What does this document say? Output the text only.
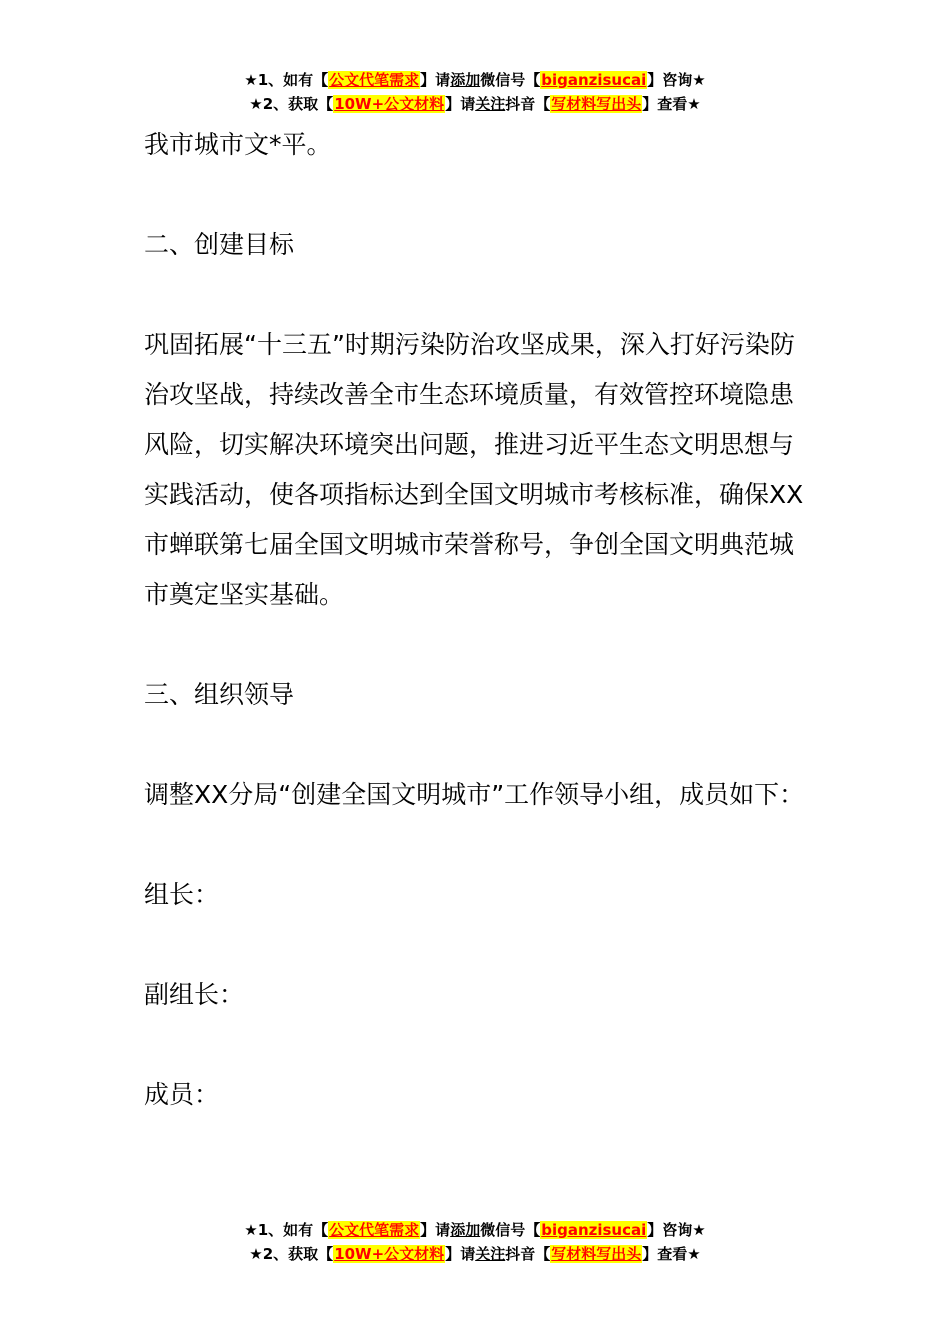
★1、如有【公文代笔需求】请添加微信号【biganzisucai】咨询★
★2、获取【10W+公文材料】请关注抖音【写材料写出头】查看★

我市城市文*平。

二、创建目标

巩固拓展“十三五”时期污染防治攻坚成果，深入打好污染防治攻坚战，持续改善全市生态环境质量，有效管控环境隐患风险，切实解决环境突出问题，推进习近平生态文明思想与实践活动，使各项指标达到全国文明城市考核标准，确保XX市蝉联第七届全国文明城市荣誉称号，争创全国文明典范城市奠定坚实基础。

三、组织领导

调整XX分局“创建全国文明城市”工作领导小组，成员如下：

组长：

副组长：

成员：

★1、如有【公文代笔需求】请添加微信号【biganzisucai】咨询★
★2、获取【10W+公文材料】请关注抖音【写材料写出头】查看★
